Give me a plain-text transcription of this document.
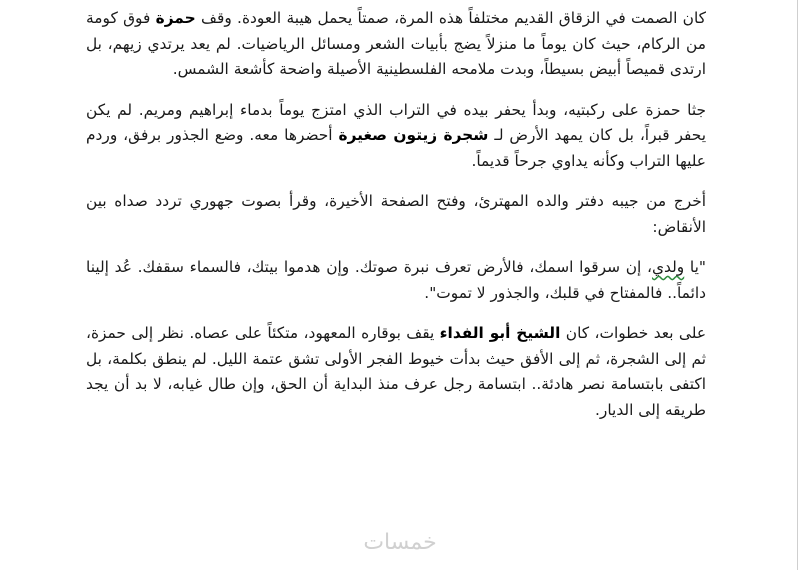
كان الصمت في الزقاق القديم مختلفاً هذه المرة، صمتاً يحمل هيبة العودة. وقف حمزة فوق كومة من الركام، حيث كان يوماً ما منزلاً يضج بأبيات الشعر ومسائل الرياضيات. لم يعد يرتدي زيهم، بل ارتدى قميصاً أبيض بسيطاً، وبدت ملامحه الفلسطينية الأصيلة واضحة كأشعة الشمس.

جثا حمزة على ركبتيه، وبدأ يحفر بيده في التراب الذي امتزج يوماً بدماء إبراهيم ومريم. لم يكن يحفر قبراً، بل كان يمهد الأرض لـ شجرة زيتون صغيرة أحضرها معه. وضع الجذور برفق، وردم عليها التراب وكأنه يداوي جرحاً قديماً.

أخرج من جيبه دفتر والده المهترئ، وفتح الصفحة الأخيرة، وقرأ بصوت جهوري تردد صداه بين الأنقاض:

"يا ولدي، إن سرقوا اسمك، فالأرض تعرف نبرة صوتك. وإن هدموا بيتك، فالسماء سقفك. عُد إلينا دائماً.. فالمفتاح في قلبك، والجذور لا تموت".

على بعد خطوات، كان الشيخ أبو الفداء يقف بوقاره المعهود، متكئاً على عصاه. نظر إلى حمزة، ثم إلى الشجرة، ثم إلى الأفق حيث بدأت خيوط الفجر الأولى تشق عتمة الليل. لم ينطق بكلمة، بل اكتفى بابتسامة نصر هادئة.. ابتسامة رجل عرف منذ البداية أن الحق، وإن طال غيابه، لا بد أن يجد طريقه إلى الديار.

خمسات
